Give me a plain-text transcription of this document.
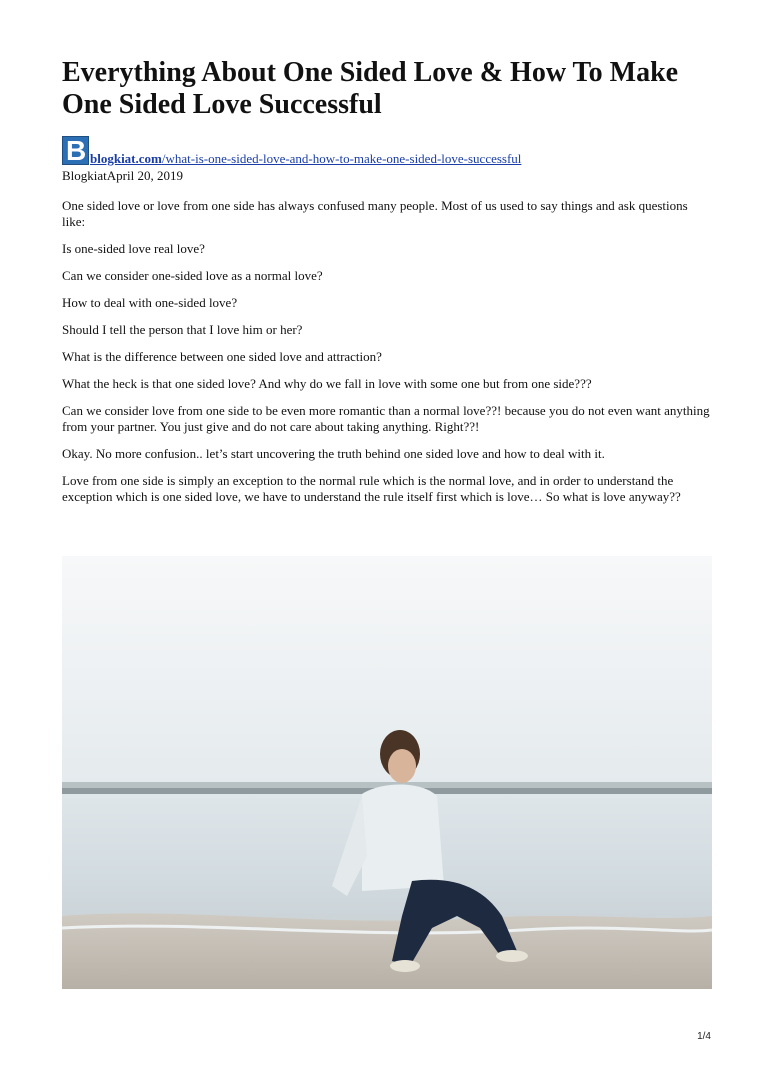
Everything About One Sided Love & How To Make One Sided Love Successful
B blogkiat.com/what-is-one-sided-love-and-how-to-make-one-sided-love-successful
BlogkiatApril 20, 2019

One sided love or love from one side has always confused many people. Most of us used to say things and ask questions like:

Is one-sided love real love?

Can we consider one-sided love as a normal love?

How to deal with one-sided love?

Should I tell the person that I love him or her?

What is the difference between one sided love and attraction?

What the heck is that one sided love? And why do we fall in love with some one but from one side???

Can we consider love from one side to be even more romantic than a normal love??! because you do not even want anything from your partner. You just give and do not care about taking anything. Right??!

Okay. No more confusion.. let’s start uncovering the truth behind one sided love and how to deal with it.

Love from one side is simply an exception to the normal rule which is the normal love, and in order to understand the exception which is one sided love, we have to understand the rule itself first which is love… So what is love anyway??

1/4
